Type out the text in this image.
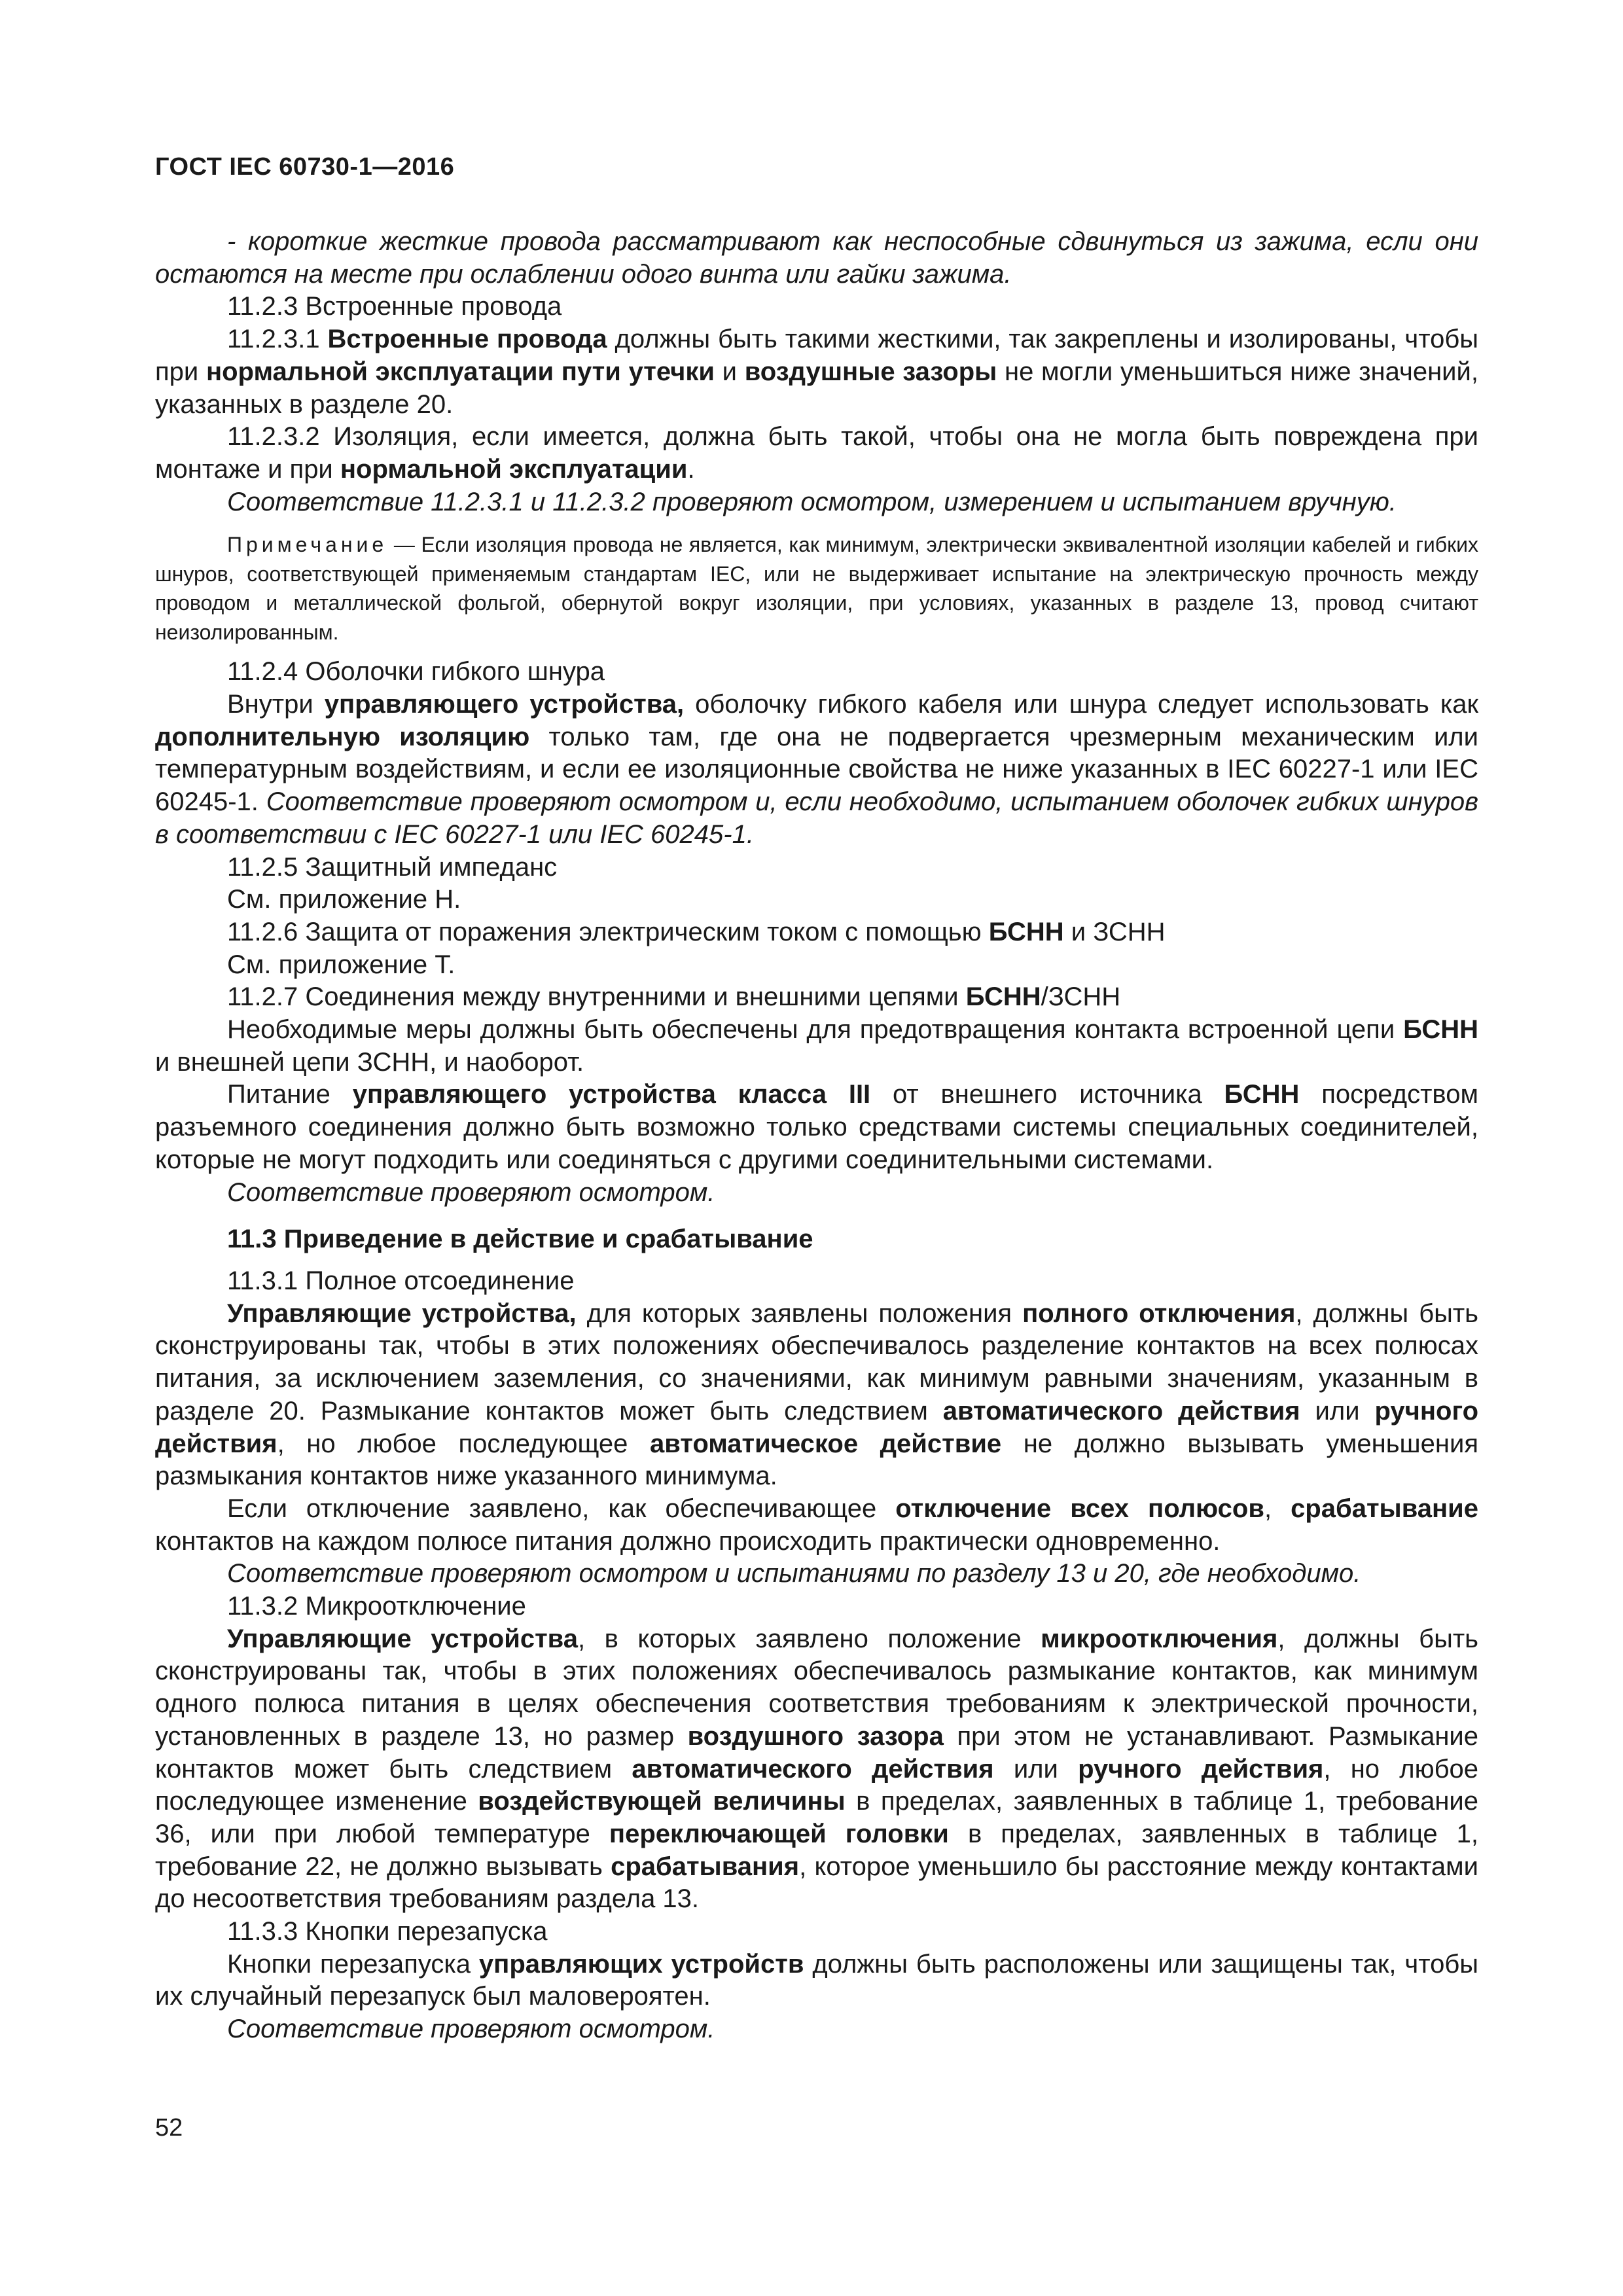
ГОСТ IEC 60730-1—2016

- короткие жесткие провода рассматривают как неспособные сдвинуться из зажима, если они остаются на месте при ослаблении одого винта или гайки зажима.

11.2.3 Встроенные провода

11.2.3.1 Встроенные провода должны быть такими жесткими, так закреплены и изолированы, чтобы при нормальной эксплуатации пути утечки и воздушные зазоры не могли уменьшиться ниже значений, указанных в разделе 20.

11.2.3.2 Изоляция, если имеется, должна быть такой, чтобы она не могла быть повреждена при монтаже и при нормальной эксплуатации.

Соответствие 11.2.3.1 и 11.2.3.2 проверяют осмотром, измерением и испытанием вручную.

Примечание — Если изоляция провода не является, как минимум, электрически эквивалентной изоляции кабелей и гибких шнуров, соответствующей применяемым стандартам IEC, или не выдерживает испытание на электрическую прочность между проводом и металлической фольгой, обернутой вокруг изоляции, при условиях, указанных в разделе 13, провод считают неизолированным.

11.2.4 Оболочки гибкого шнура

Внутри управляющего устройства, оболочку гибкого кабеля или шнура следует использовать как дополнительную изоляцию только там, где она не подвергается чрезмерным механическим или температурным воздействиям, и если ее изоляционные свойства не ниже указанных в IEC 60227-1 или IEC 60245-1. Соответствие проверяют осмотром и, если необходимо, испытанием оболочек гибких шнуров в соответствии с IEC 60227-1 или IEC 60245-1.

11.2.5 Защитный импеданс

См. приложение Н.

11.2.6 Защита от поражения электрическим током с помощью БСНН и ЗСНН

См. приложение Т.

11.2.7 Соединения между внутренними и внешними цепями БСНН/ЗСНН

Необходимые меры должны быть обеспечены для предотвращения контакта встроенной цепи БСНН и внешней цепи ЗСНН, и наоборот.

Питание управляющего устройства класса III от внешнего источника БСНН посредством разъемного соединения должно быть возможно только средствами системы специальных соединителей, которые не могут подходить или соединяться с другими соединительными системами.

Соответствие проверяют осмотром.

11.3 Приведение в действие и срабатывание

11.3.1 Полное отсоединение

Управляющие устройства, для которых заявлены положения полного отключения, должны быть сконструированы так, чтобы в этих положениях обеспечивалось разделение контактов на всех полюсах питания, за исключением заземления, со значениями, как минимум равными значениям, указанным в разделе 20. Размыкание контактов может быть следствием автоматического действия или ручного действия, но любое последующее автоматическое действие не должно вызывать уменьшения размыкания контактов ниже указанного минимума.

Если отключение заявлено, как обеспечивающее отключение всех полюсов, срабатывание контактов на каждом полюсе питания должно происходить практически одновременно.

Соответствие проверяют осмотром и испытаниями по разделу 13 и 20, где необходимо.

11.3.2 Микроотключение

Управляющие устройства, в которых заявлено положение микроотключения, должны быть сконструированы так, чтобы в этих положениях обеспечивалось размыкание контактов, как минимум одного полюса питания в целях обеспечения соответствия требованиям к электрической прочности, установленных в разделе 13, но размер воздушного зазора при этом не устанавливают. Размыкание контактов может быть следствием автоматического действия или ручного действия, но любое последующее изменение воздействующей величины в пределах, заявленных в таблице 1, требование 36, или при любой температуре переключающей головки в пределах, заявленных в таблице 1, требование 22, не должно вызывать срабатывания, которое уменьшило бы расстояние между контактами до несоответствия требованиям раздела 13.

11.3.3 Кнопки перезапуска

Кнопки перезапуска управляющих устройств должны быть расположены или защищены так, чтобы их случайный перезапуск был маловероятен.

Соответствие проверяют осмотром.

52
